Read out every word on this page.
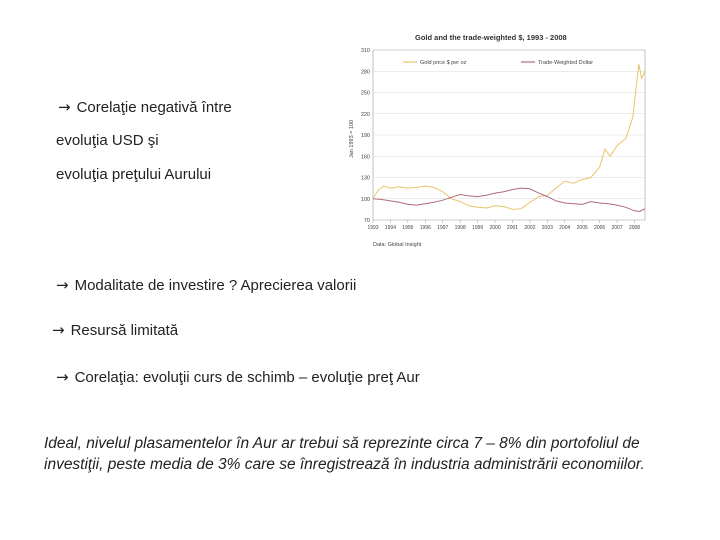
→ Corelaţie negativă între
evoluţia USD şi
evoluţia preţului Aurului
→ Modalitate de investire ? Aprecierea valorii
→ Resursă limitată
→ Corelaţia: evoluţii curs de schimb – evoluţie preţ Aur
Ideal, nivelul plasamentelor în Aur ar trebui să reprezinte circa 7 – 8% din portofoliul de investiţii, peste media de 3% care se înregistrează în industria administrării economiilor.
Gold and the trade-weighted $, 1993 - 2008
Jan 1993 = 100
70
100
130
160
190
220
250
280
310
1993 1994 1995 1996 1997 1998 1999 2000 2001 2002 2003 2004 2005 2006 2007 2008
Gold price $ per oz	Trade-Weighted Dollar
Data: Global Insight
